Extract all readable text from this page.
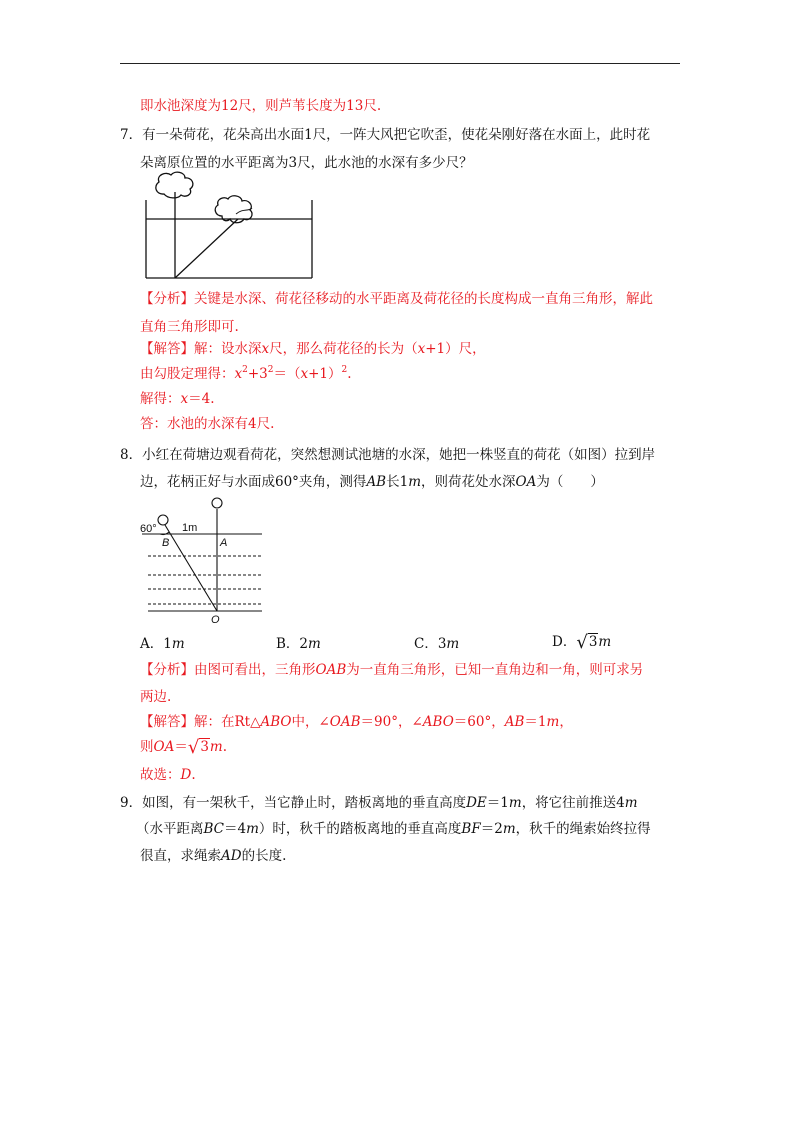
即水池深度为12尺，则芦苇长度为13尺.
7．有一朵荷花，花朵高出水面1尺，一阵大风把它吹歪，使花朵刚好落在水面上，此时花
朵离原位置的水平距离为3尺，此水池的水深有多少尺？
【分析】关键是水深、荷花径移动的水平距离及荷花径的长度构成一直角三角形，解此
直角三角形即可.
【解答】解：设水深x尺，那么荷花径的长为（x+1）尺，
由勾股定理得：$x^2+3^2=(x+1)^2$.
解得：x＝4.
答：水池的水深有4尺.
8．小红在荷塘边观看荷花，突然想测试池塘的水深，她把一株竖直的荷花（如图）拉到岸
边，花柄正好与水面成60°夹角，测得AB长1m，则荷花处水深OA为（　　）
60° 1m
B	A
O
A．1m	B．2m	C．3m	D．√3m
【分析】由图可看出，三角形OAB为一直角三角形，已知一直角边和一角，则可求另
两边.
【解答】解：在Rt△ABO中，∠OAB＝90°，∠ABO＝60°，AB＝1m，
则OA＝√3m.
故选：D.
9．如图，有一架秋千，当它静止时，踏板离地的垂直高度DE＝1m，将它往前推送4m
（水平距离BC＝4m）时，秋千的踏板离地的垂直高度BF＝2m，秋千的绳索始终拉得
很直，求绳索AD的长度.
